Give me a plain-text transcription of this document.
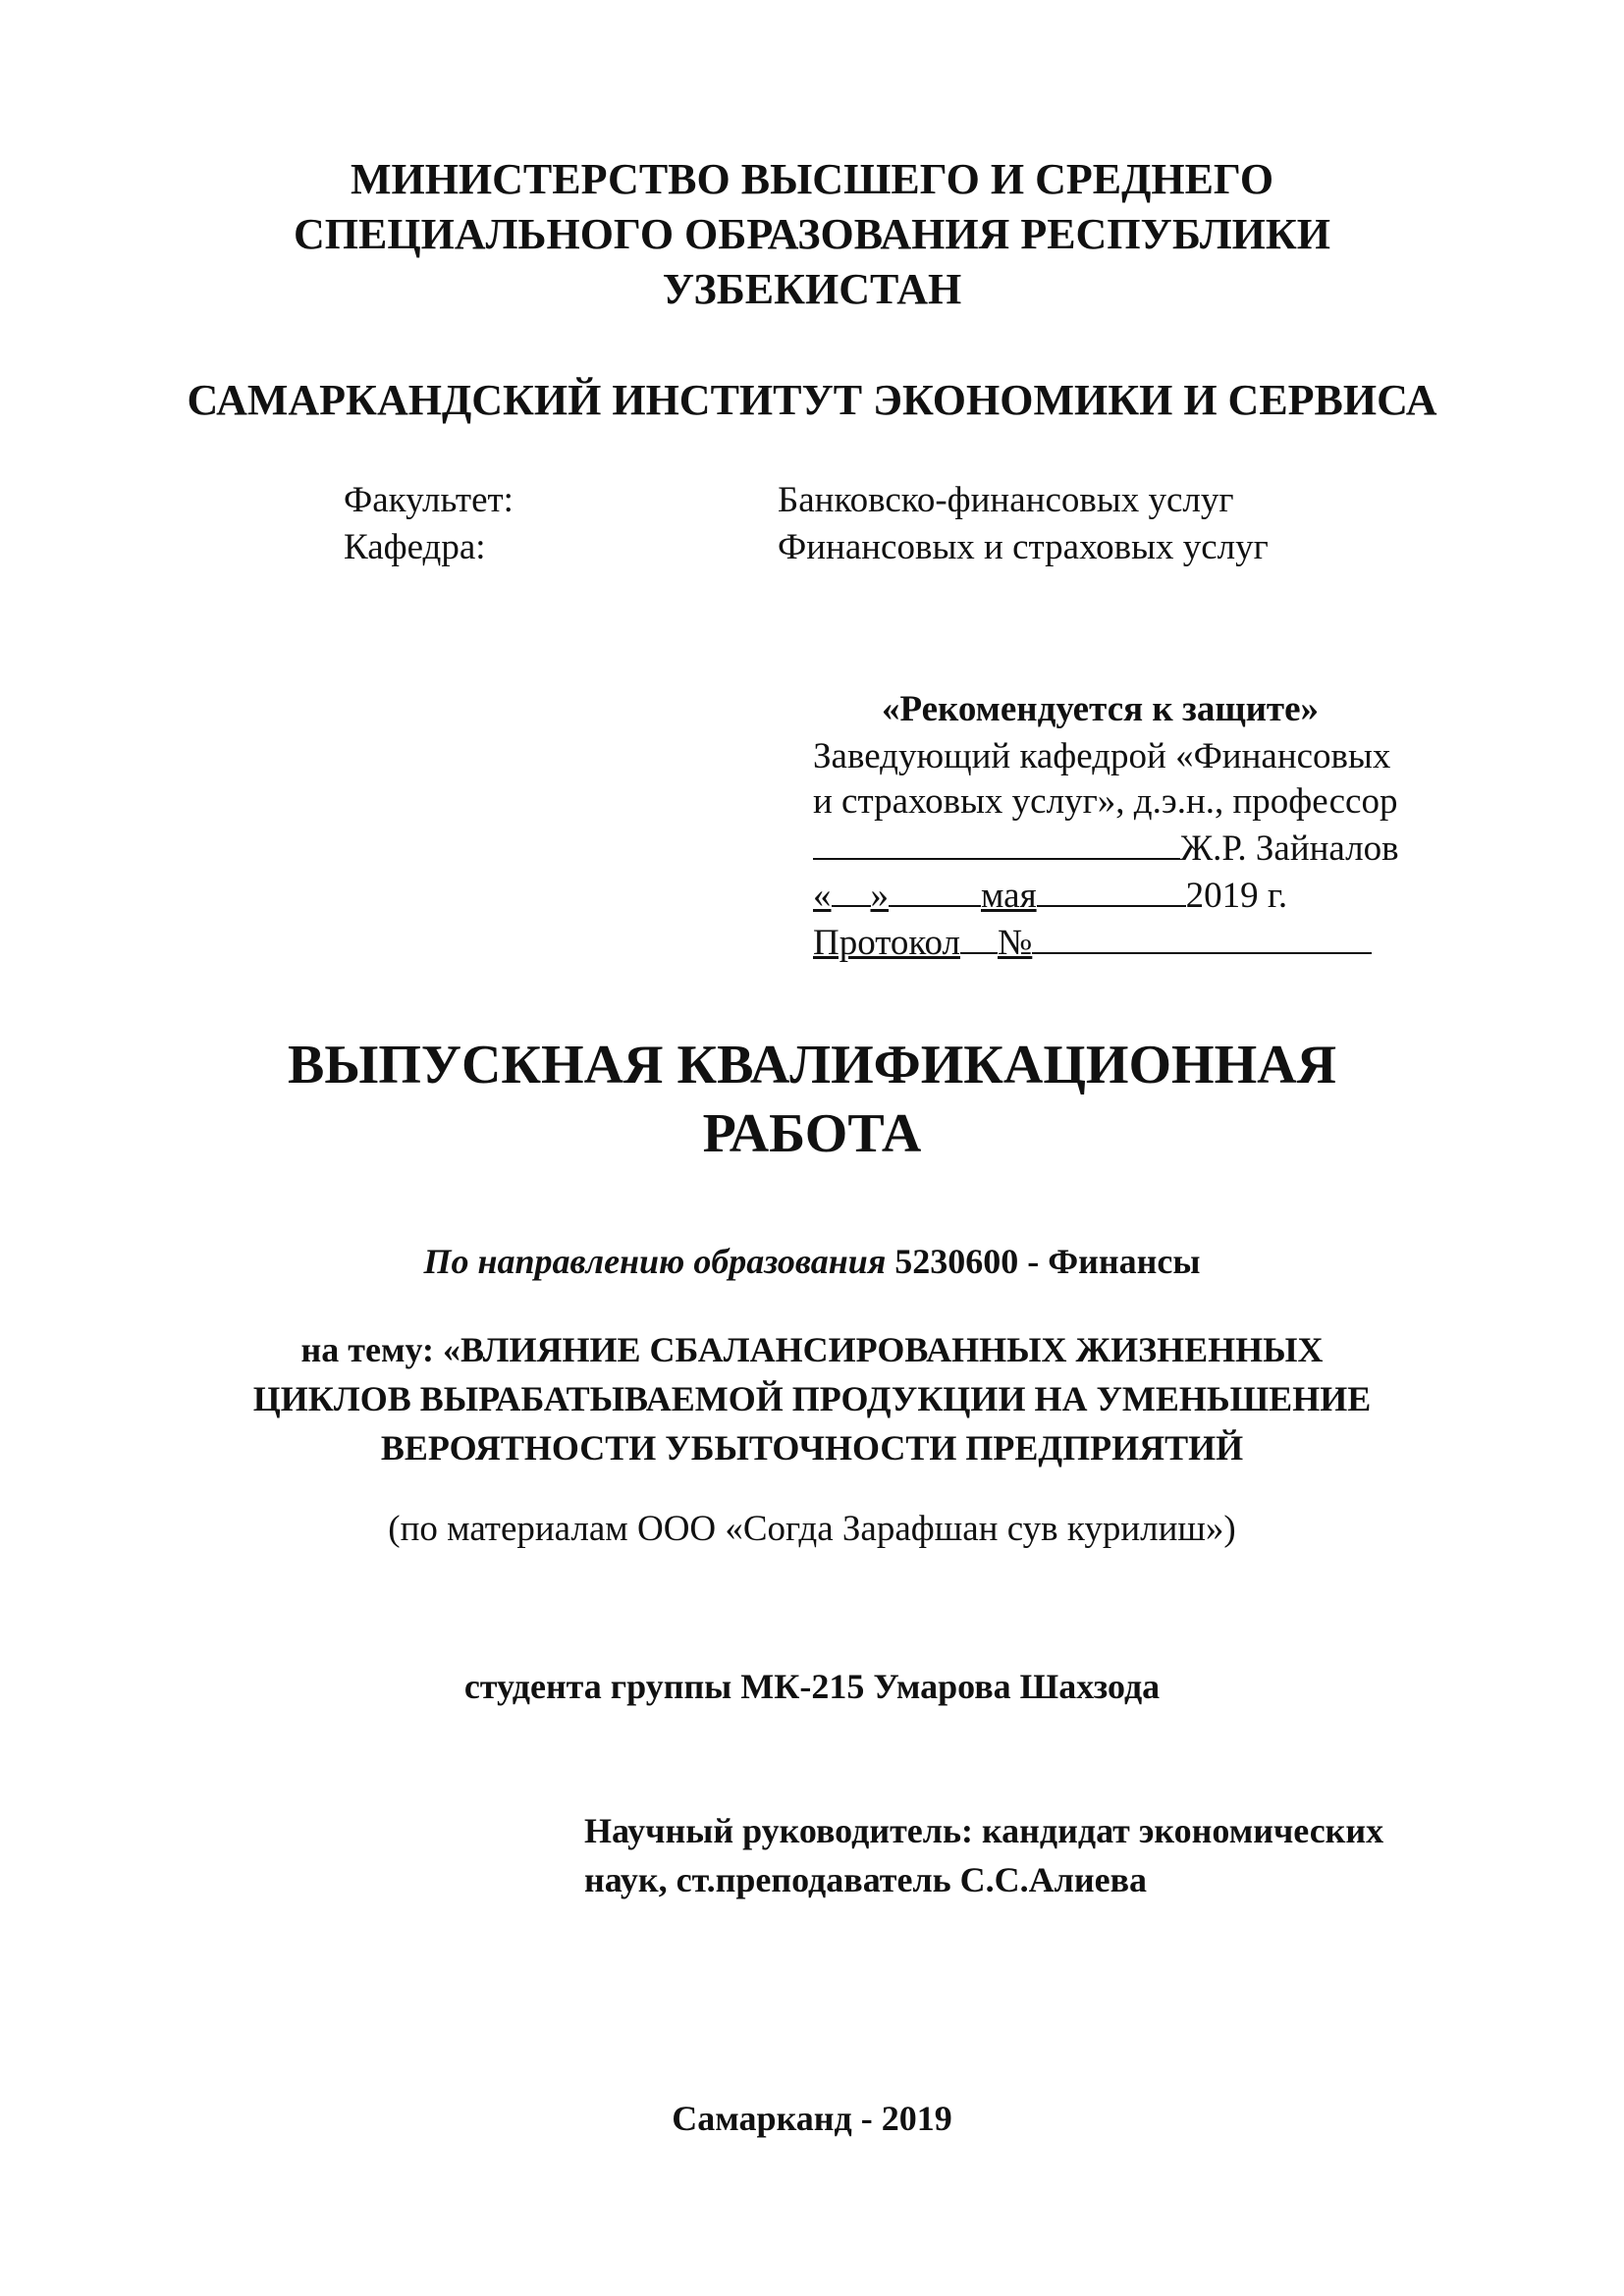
МИНИСТЕРСТВО ВЫСШЕГО И СРЕДНЕГО
СПЕЦИАЛЬНОГО ОБРАЗОВАНИЯ РЕСПУБЛИКИ
УЗБЕКИСТАН
САМАРКАНДСКИЙ ИНСТИТУТ ЭКОНОМИКИ И СЕРВИСА
Факультет:	Банковско-финансовых услуг
Кафедра:	Финансовых и страховых услуг
«Рекомендуется к защите»
Заведующий кафедрой «Финансовых
и страховых услуг», д.э.н., профессор
Ж.Р. Зайналов
« »	мая	2019 г.
Протокол №
ВЫПУСКНАЯ КВАЛИФИКАЦИОННАЯ
РАБОТА
По направлению образования 5230600 - Финансы
на тему: «ВЛИЯНИЕ СБАЛАНСИРОВАННЫХ ЖИЗНЕННЫХ
ЦИКЛОВ ВЫРАБАТЫВАЕМОЙ ПРОДУКЦИИ НА УМЕНЬШЕНИЕ
ВЕРОЯТНОСТИ УБЫТОЧНОСТИ ПРЕДПРИЯТИЙ
(по материалам ООО «Согда Зарафшан сув курилиш»)
студента группы МК-215 Умарова Шахзода
Научный руководитель: кандидат экономических
наук, ст.преподаватель С.С.Алиева
Самарканд - 2019
